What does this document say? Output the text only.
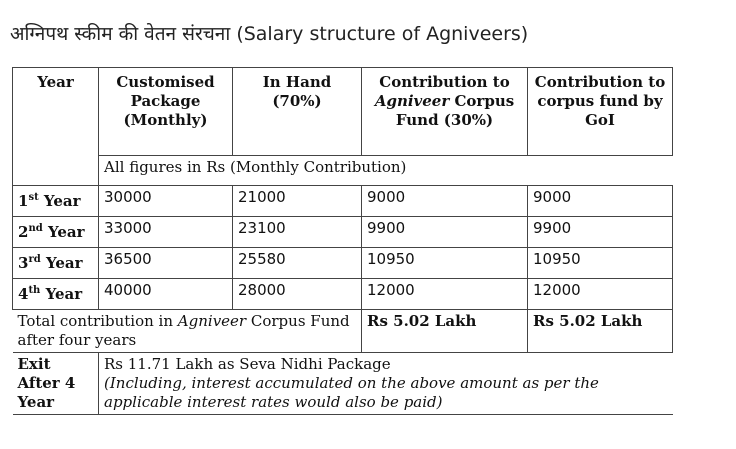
अग्निपथ स्कीम की वेतन संरचना (Salary structure of Agniveers)
Year	Customised Package (Monthly)	In Hand (70%)	Contribution to Agniveer Corpus Fund (30%)	Contribution to corpus fund by GoI
	All figures in Rs (Monthly Contribution)			
1st Year	30000	21000	9000	9000
2nd Year	33000	23100	9900	9900
3rd Year	36500	25580	10950	10950
4th Year	40000	28000	12000	12000
Total contribution in Agniveer Corpus Fund after four years			Rs 5.02 Lakh	Rs 5.02 Lakh
Exit After 4 Year	Rs 11.71 Lakh as Seva Nidhi Package
(Including, interest accumulated on the above amount as per the applicable interest rates would also be paid)			
